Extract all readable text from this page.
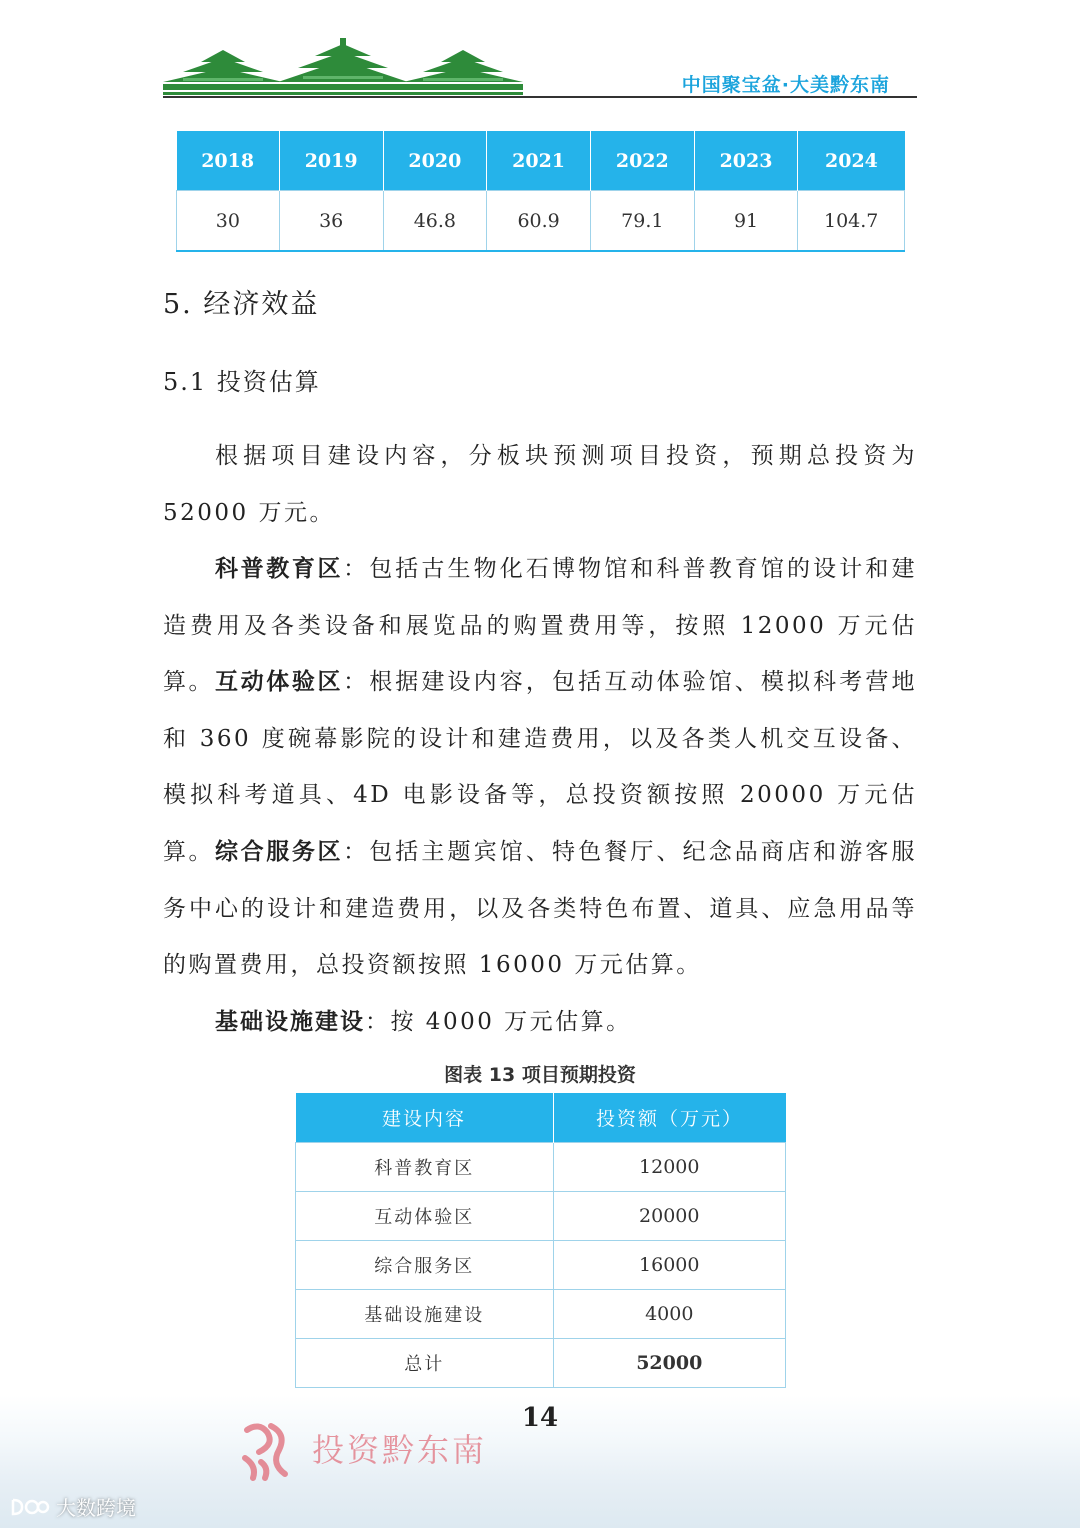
中国聚宝盆·大美黔东南
2018	2019	2020	2021	2022	2023	2024
30	36	46.8	60.9	79.1	91	104.7
5. 经济效益
5.1 投资估算
根据项目建设内容，分板块预测项目投资，预期总投资为 52000 万元。
科普教育区：包括古生物化石博物馆和科普教育馆的设计和建造费用及各类设备和展览品的购置费用等，按照 12000 万元估算。 互动体验区：根据建设内容，包括互动体验馆、模拟科考营地和 360 度碗幕影院的设计和建造费用，以及各类人机交互设备、模拟科考道具、4D 电影设备等，总投资额按照 20000 万元估算。 综合服务区：包括主题宾馆、特色餐厅、纪念品商店和游客服务中心的设计和建造费用，以及各类特色布置、道具、应急用品等的购置费用，总投资额按照 16000 万元估算。
基础设施建设：按 4000 万元估算。
图表 13 项目预期投资
建设内容	投资额（万元）
科普教育区	12000
互动体验区	20000
综合服务区	16000
基础设施建设	4000
总计	52000
14
投资黔东南
大数跨境
